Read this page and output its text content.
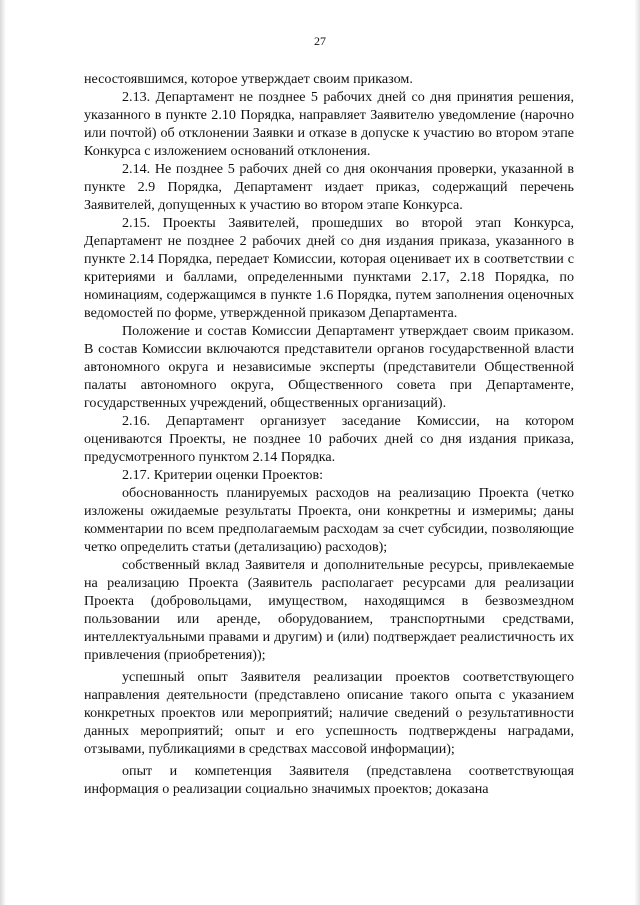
27

несостоявшимся, которое утверждает своим приказом.

2.13. Департамент не позднее 5 рабочих дней со дня принятия решения, указанного в пункте 2.10 Порядка, направляет Заявителю уведомление (нарочно или почтой) об отклонении Заявки и отказе в допуске к участию во втором этапе Конкурса с изложением оснований отклонения.

2.14. Не позднее 5 рабочих дней со дня окончания проверки, указанной в пункте 2.9 Порядка, Департамент издает приказ, содержащий перечень Заявителей, допущенных к участию во втором этапе Конкурса.

2.15. Проекты Заявителей, прошедших во второй этап Конкурса, Департамент не позднее 2 рабочих дней со дня издания приказа, указанного в пункте 2.14 Порядка, передает Комиссии, которая оценивает их в соответствии с критериями и баллами, определенными пунктами 2.17, 2.18 Порядка, по номинациям, содержащимся в пункте 1.6 Порядка, путем заполнения оценочных ведомостей по форме, утвержденной приказом Департамента.

Положение и состав Комиссии Департамент утверждает своим приказом. В состав Комиссии включаются представители органов государственной власти автономного округа и независимые эксперты (представители Общественной палаты автономного округа, Общественного совета при Департаменте, государственных учреждений, общественных организаций).

2.16. Департамент организует заседание Комиссии, на котором оцениваются Проекты, не позднее 10 рабочих дней со дня издания приказа, предусмотренного пунктом 2.14 Порядка.

2.17. Критерии оценки Проектов:

обоснованность планируемых расходов на реализацию Проекта (четко изложены ожидаемые результаты Проекта, они конкретны и измеримы; даны комментарии по всем предполагаемым расходам за счет субсидии, позволяющие четко определить статьи (детализацию) расходов);

собственный вклад Заявителя и дополнительные ресурсы, привлекаемые на реализацию Проекта (Заявитель располагает ресурсами для реализации Проекта (добровольцами, имуществом, находящимся в безвозмездном пользовании или аренде, оборудованием, транспортными средствами, интеллектуальными правами и другим) и (или) подтверждает реалистичность их привлечения (приобретения));

успешный опыт Заявителя реализации проектов соответствующего направления деятельности (представлено описание такого опыта с указанием конкретных проектов или мероприятий; наличие сведений о результативности данных мероприятий; опыт и его успешность подтверждены наградами, отзывами, публикациями в средствах массовой информации);

опыт и компетенция Заявителя (представлена соответствующая информация о реализации социально значимых проектов; доказана
